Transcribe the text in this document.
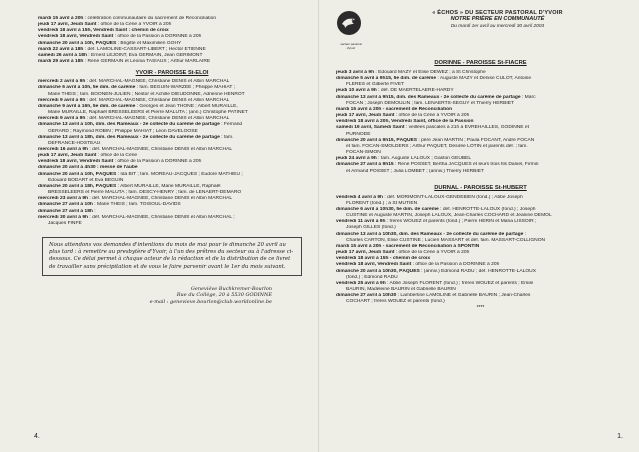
mardi 15 avril à 20h : célébration communautaire du sacrement de Réconciliation
jeudi 17 avril, Jeudi Saint : office de la Cène à YVOIR à 20h
vendredi 18 avril à 15h, Vendredi Saint : chemin de croix
vendredi 18 avril, Vendredi Saint : office de la Passion à DORINNE à 20h
dimanche 20 avril à 10h, PÂQUES : Brigitte et Maximilien GOHY
mardi 22 avril à 18h : déf. LAMOLINE-CASSART-LIBERT ; Hector ETIENNE
samedi 26 avril à 18h : Ernest LEJOINT, Eva GERMAIN, Jean GERIMONT
mardi 29 avril à 18h : René GERMAIN et Léonia TASIAUX ; Arthur MARLAIRE
YVOIR - PAROISSE St-ELOI
mercredi 2 avril à 9h : déf. MARCHAL-MAGNEE, Christiane DENIS et Albin MARCHAL
dimanche 6 avril à 10h, 5e dim. de carême : fam. BEGUIN-WARZEE ; Philippe MAHIAT ;
Marie THEIS ; fam. BOONEN-JULIEN ; Nestor et Achille DIEUDONNE, Adrienne HENROT
mercredi 9 avril à 9h : déf. MARCHAL-MAGNEE, Christiane DENIS et Albin MARCHAL
dimanche 9 avril à 16h, 5e dim. de carême : Georges et Jean THONE ; Albert MURAILLE,
Marie MURAILLE, Raphaël BRESSELEERS et Pierre MALUTA ; (ann.) Christophe PATINET
mercredi 9 avril à 9h : déf. MARCHAL-MAGNEE, Christiane DENIS et Albin MARCHAL
dimanche 13 avril à 10h, dim. des Rameaux - 2e collecte du carême de partage : Fernand
GERARD ; Raymond ROBIN ; Philippe MAHIAT ; Léon DAVELOOSE
dimanche 13 avril à 18h, dim. des Rameaux - 2e collecte du carême de partage : fam.
DEFRANCE-HOSTEAU
mercredi 16 avril à 9h : déf. MARCHAL-MAGNEE, Christiane DENIS et Albin MARCHAL
jeudi 17 avril, Jeudi Saint : office de la Cène
vendredi 18 avril, Vendredi Saint : office de la Passion à DORINNE à 20h
dimanche 20 avril à 4h30 : messe de l'aube
dimanche 20 avril à 10h, PÂQUES : Ida BIT ; fam. MOREAU-JACQUES ; Eudore MATHIEU ;
Edouard BODART et Eva BEGUIN
dimanche 20 avril à 18h, PÂQUES : Albert MURAILLE, Marie MURAILLE, Raphaël
BRESSELEERS et Pierre MALUTA ; fam. DESCY-HENRY ; fam. de LENAERT-DEMARO
mercredi 23 avril à 9h : déf. MARCHAL-MAGNEE, Christiane DENIS et Albin MARCHAL
dimanche 27 avril à 10h : Marie THEIS ; fam. TOISOUL-DAVIDS
dimanche 27 avril à 18h :
mercredi 30 avril à 9h : déf. MARCHAL-MAGNEE, Christiane DENIS et Albin MARCHAL ;
Jacques FINFE
Nous attendons vos demandes d'intentions du mois de mai pour le dimanche 20 avril au plus tard : à remettre au presbytère d'Yvoir, à l'un des prêtres du secteur ou à l'adresse ci-dessous. Ce délai permet à chaque acteur de la rédaction et de la distribution de ce livret de travailler sans précipitation et de vous le faire parvenir avant le 1er du mois suivant.
Geneviève Buchkremer-Bourlon
Rue du Collège, 20 à 5530 GODINNE
e-mail : genevieve.bourlon@club.worldonline.be
4.
secteur pastoral d'yvoir
« ÉCHOS » DU SECTEUR PASTORAL D'YVOIR
NOTRE PRIÈRE EN COMMUNAUTÉ
Du mardi 1er avril au mercredi 30 avril 2003
DORINNE - PAROISSE St-FIACRE
jeudi 3 avril à 9h : Edouard MAZY et Elise DEWEZ ; à St Christophe
dimanche 5 avril à 9h15, 5e dim. de carême : Auguste MAZY et Denise CULOT, Antoine
FLERES et Gilberte FIVET
jeudi 10 avril à 9h : déf. DE MAERTELAERE-HARDY
dimanche 13 avril à 9h15, dim. des Rameaux - 2e collecte du carême de partage : Marc
FOCAN ; Joseph DEMOULIN ; fam. LENAERTS-SEGUY et Thierry HERBIET
mardi 15 avril à 20h - sacrement de Réconciliation
jeudi 17 avril, Jeudi Saint : office de la Cène à YVOIR à 20h
vendredi 18 avril à 20h, Vendredi Saint, office de la Passion
samedi 19 avril, Samedi Saint : veillées pascales à 21h à EVREHAILLES, GODINNE et
PURNODE
dimanche 20 avril à 9h15, PÂQUES : père Jean MARTIN ; Paula FOCANT, André FOCAN
et fam. FOCAN-SMOLDERS ; Arthur PAQUET, Désirée LOTIN et parents déf. ; fam.
FOCAN-SIMON
jeudi 24 avril à 9h : fam. Auguste LALOUX ; Gaston GEUBEL
dimanche 27 avril à 9h15 : René POSSET, Bertha JACQUES et leurs trois fils Daniel, Firmin
et Armand POSSET ; Julia LOMBET ; (anniv.) Thierry HERBIET
DURNAL - PAROISSE St-HUBERT
vendredi 4 avril à 9h : déf. MORIMONT-LALOUX-GENDEBIEN (fond.) ; Abbé Joseph
FLORENT (fond.) ; à St MUTIEN
dimanche 6 avril à 10h30, 5e dim. de carême : déf. HENROTTE-LALOUX (fond.) ; Joseph
CUSTINE et Auguste MARTIN, Joseph LALOUX, Jean-Charles COCHARD et Jeanine DEMOL
vendredi 11 avril à 9h : frères WOUEZ et parents (fond.) ; Pierre HERIN et Maria LISSOIR ;
Joseph GILLES (fond.)
dimanche 13 avril à 10h30, dim. des Rameaux - 2e collecte du carême de partage :
Charles CARTON, Elise CUSTINE ; Lucien MASSART et déf. fam. MASSART-COLLIGNON
mardi 15 avril à 20h - sacrement de Réconciliation à SPONTIN
jeudi 17 avril, Jeudi Saint : office de la Cène à YVOIR à 20h
vendredi 18 avril à 15h - chemin de croix
vendredi 18 avril, Vendredi Saint : office de la Passion à DORINNE à 20h
dimanche 20 avril à 10h30, PÂQUES : (anniv.) Edmond RADU ; déf. HENROTTE-LALOUX
(fond.) ; Edmond RADU
vendredi 25 avril à 9h : Abbé Joseph FLORENT (fond.) ; frères WOUEZ et parents ; Emile
BAURIN, Madeleine BAURIN et Gabrielle BAURIN
dimanche 27 avril à 10h30 : Lambertine LAMOLINE et Gabrielle BAURIN ; Jean-Charles
COCHART ; frères WOUEZ et parents (fond.)
****
1.
